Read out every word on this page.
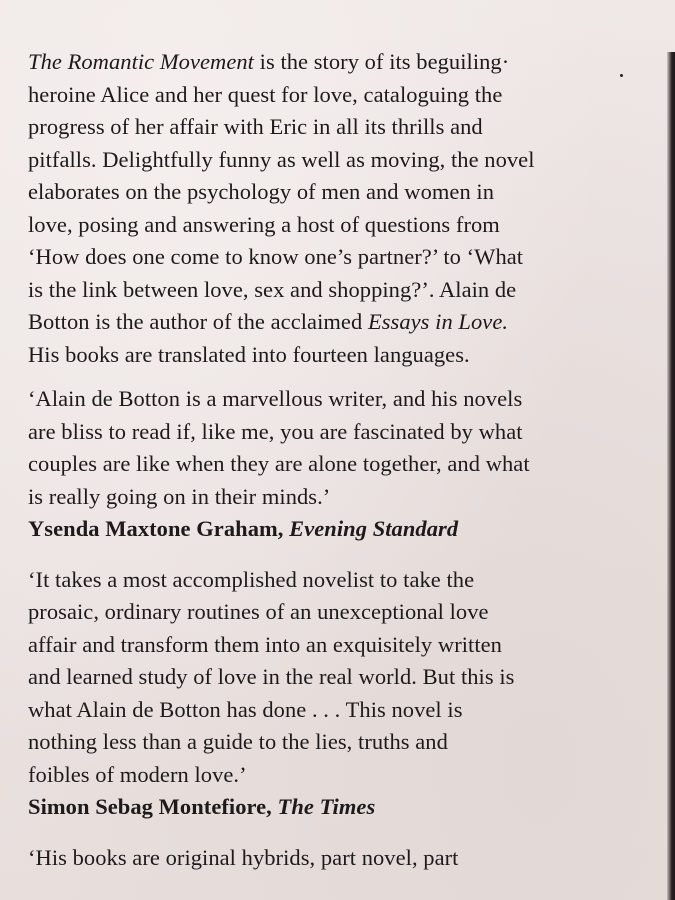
The Romantic Movement is the story of its beguiling·
heroine Alice and her quest for love, cataloguing the
progress of her affair with Eric in all its thrills and
pitfalls. Delightfully funny as well as moving, the novel
elaborates on the psychology of men and women in
love, posing and answering a host of questions from
‘How does one come to know one’s partner?’ to ‘What
is the link between love, sex and shopping?’. Alain de
Botton is the author of the acclaimed Essays in Love.
His books are translated into fourteen languages.
‘Alain de Botton is a marvellous writer, and his novels
are bliss to read if, like me, you are fascinated by what
couples are like when they are alone together, and what
is really going on in their minds.’
Ysenda Maxtone Graham, Evening Standard
‘It takes a most accomplished novelist to take the
prosaic, ordinary routines of an unexceptional love
affair and transform them into an exquisitely written
and learned study of love in the real world. But this is
what Alain de Botton has done . . . This novel is
nothing less than a guide to the lies, truths and
foibles of modern love.’
Simon Sebag Montefiore, The Times
‘His books are original hybrids, part novel, part
